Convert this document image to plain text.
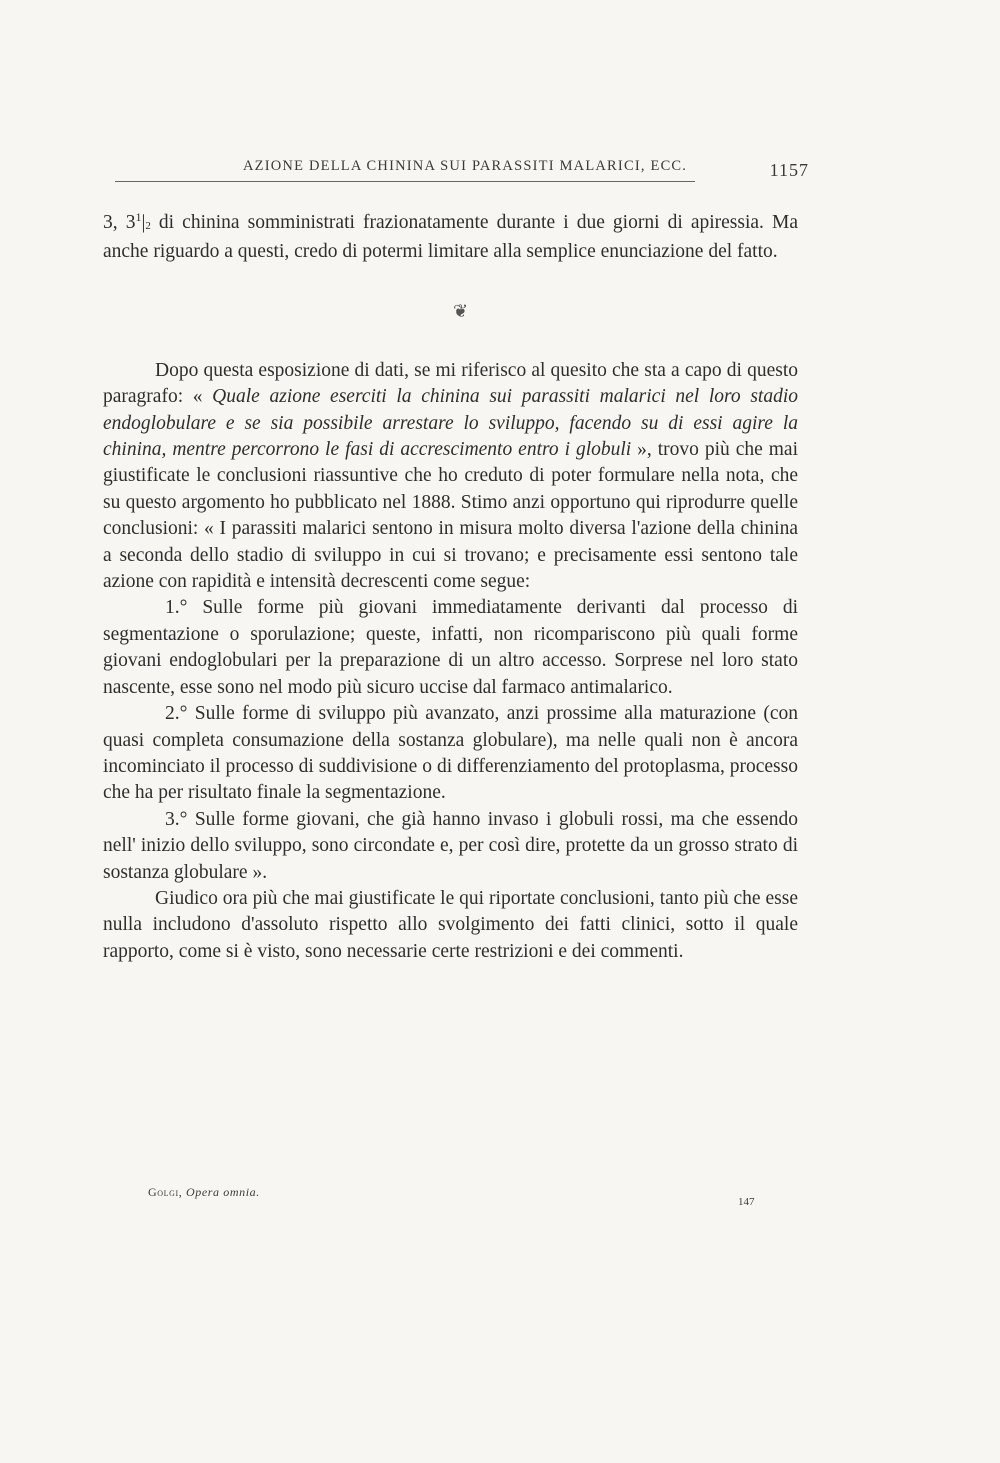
AZIONE DELLA CHININA SUI PARASSITI MALARICI, ECC.	1157

3, $3^1|2$ di chinina somministrati frazionatamente durante i due giorni di apiressia. Ma anche riguardo a questi, credo di potermi limitare alla semplice enunciazione del fatto.

❦

Dopo questa esposizione di dati, se mi riferisco al quesito che sta a capo di questo paragrafo: « Quale azione eserciti la chinina sui parassiti malarici nel loro stadio endoglobulare e se sia possibile arrestare lo sviluppo, facendo su di essi agire la chinina, mentre percorrono le fasi di accrescimento entro i globuli », trovo più che mai giustificate le conclusioni riassuntive che ho creduto di poter formulare nella nota, che su questo argomento ho pubblicato nel 1888. Stimo anzi opportuno qui riprodurre quelle conclusioni: « I parassiti malarici sentono in misura molto diversa l'azione della chinina a seconda dello stadio di sviluppo in cui si trovano; e precisamente essi sentono tale azione con rapidità e intensità decrescenti come segue:

1.° Sulle forme più giovani immediatamente derivanti dal processo di segmentazione o sporulazione; queste, infatti, non ricompariscono più quali forme giovani endoglobulari per la preparazione di un altro accesso. Sorprese nel loro stato nascente, esse sono nel modo più sicuro uccise dal farmaco antimalarico.

2.° Sulle forme di sviluppo più avanzato, anzi prossime alla maturazione (con quasi completa consumazione della sostanza globulare), ma nelle quali non è ancora incominciato il processo di suddivisione o di differenziamento del protoplasma, processo che ha per risultato finale la segmentazione.

3.° Sulle forme giovani, che già hanno invaso i globuli rossi, ma che essendo nell' inizio dello sviluppo, sono circondate e, per così dire, protette da un grosso strato di sostanza globulare ».

Giudico ora più che mai giustificate le qui riportate conclusioni, tanto più che esse nulla includono d'assoluto rispetto allo svolgimento dei fatti clinici, sotto il quale rapporto, come si è visto, sono necessarie certe restrizioni e dei commenti.

Golgi, Opera omnia.
147
